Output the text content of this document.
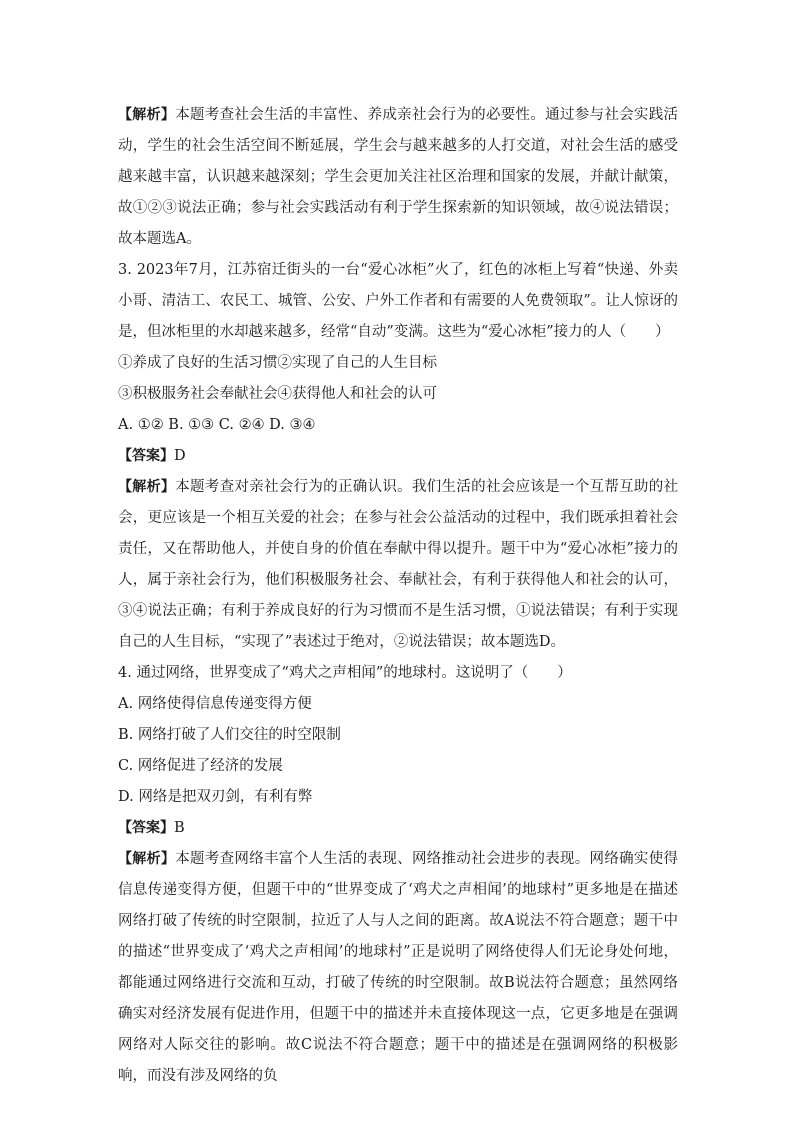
【解析】本题考查社会生活的丰富性、养成亲社会行为的必要性。通过参与社会实践活动，学生的社会生活空间不断延展，学生会与越来越多的人打交道，对社会生活的感受越来越丰富，认识越来越深刻；学生会更加关注社区治理和国家的发展，并献计献策，故①②③说法正确；参与社会实践活动有利于学生探索新的知识领域，故④说法错误；故本题选A。

3. 2023年7月，江苏宿迁街头的一台“爱心冰柜”火了，红色的冰柜上写着“快递、外卖小哥、清洁工、农民工、城管、公安、户外工作者和有需要的人免费领取”。让人惊讶的是，但冰柜里的水却越来越多，经常“自动”变满。这些为“爱心冰柜”接力的人（　　）

①养成了良好的生活习惯②实现了自己的人生目标

③积极服务社会奉献社会④获得他人和社会的认可

A. ①② B. ①③ C. ②④ D. ③④

【答案】D

【解析】本题考查对亲社会行为的正确认识。我们生活的社会应该是一个互帮互助的社会，更应该是一个相互关爱的社会；在参与社会公益活动的过程中，我们既承担着社会责任，又在帮助他人，并使自身的价值在奉献中得以提升。题干中为“爱心冰柜”接力的人，属于亲社会行为，他们积极服务社会、奉献社会，有利于获得他人和社会的认可，③④说法正确；有利于养成良好的行为习惯而不是生活习惯，①说法错误；有利于实现自己的人生目标，“实现了”表述过于绝对，②说法错误；故本题选D。

4. 通过网络，世界变成了“鸡犬之声相闻”的地球村。这说明了（　　）

A. 网络使得信息传递变得方便

B. 网络打破了人们交往的时空限制

C. 网络促进了经济的发展

D. 网络是把双刃剑，有利有弊

【答案】B

【解析】本题考查网络丰富个人生活的表现、网络推动社会进步的表现。网络确实使得信息传递变得方便，但题干中的“世界变成了‘鸡犬之声相闻’的地球村”更多地是在描述网络打破了传统的时空限制，拉近了人与人之间的距离。故A说法不符合题意；题干中的描述“世界变成了‘鸡犬之声相闻’的地球村”正是说明了网络使得人们无论身处何地，都能通过网络进行交流和互动，打破了传统的时空限制。故B说法符合题意；虽然网络确实对经济发展有促进作用，但题干中的描述并未直接体现这一点，它更多地是在强调网络对人际交往的影响。故C说法不符合题意；题干中的描述是在强调网络的积极影响，而没有涉及网络的负
